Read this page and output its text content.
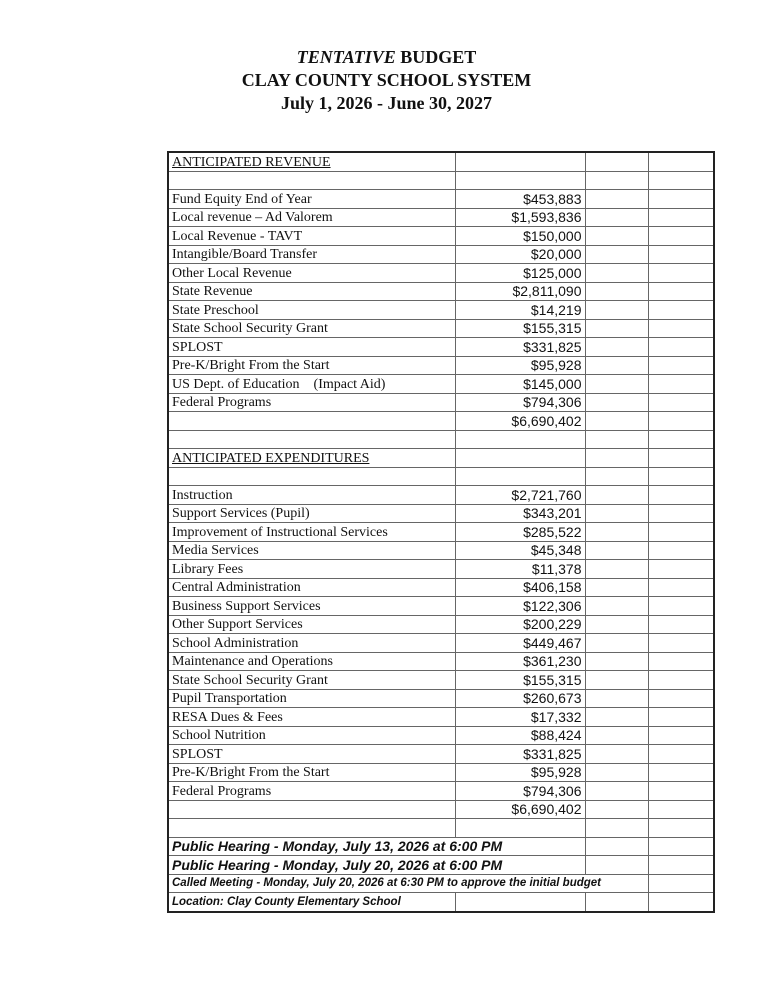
TENTATIVE BUDGET
CLAY COUNTY SCHOOL SYSTEM
July 1, 2026 - June 30, 2027
ANTICIPATED REVENUE			

Fund Equity End of Year	$453,883		
Local revenue – Ad Valorem	$1,593,836		
Local Revenue - TAVT	$150,000		
Intangible/Board Transfer	$20,000		
Other Local Revenue	$125,000		
State Revenue	$2,811,090		
State Preschool	$14,219		
State School Security Grant	$155,315		
SPLOST	$331,825		
Pre-K/Bright From the Start	$95,928		
US Dept. of Education (Impact Aid)	$145,000		
Federal Programs	$794,306		
	$6,690,402		

ANTICIPATED EXPENDITURES			

Instruction	$2,721,760		
Support Services (Pupil)	$343,201		
Improvement of Instructional Services	$285,522		
Media Services	$45,348		
Library Fees	$11,378		
Central Administration	$406,158		
Business Support Services	$122,306		
Other Support Services	$200,229		
School Administration	$449,467		
Maintenance and Operations	$361,230		
State School Security Grant	$155,315		
Pupil Transportation	$260,673		
RESA Dues & Fees	$17,332		
School Nutrition	$88,424		
SPLOST	$331,825		
Pre-K/Bright From the Start	$95,928		
Federal Programs	$794,306		
	$6,690,402		

Public Hearing - Monday, July 13, 2026 at 6:00 PM			
Public Hearing - Monday, July 20, 2026 at 6:00 PM			
Called Meeting - Monday, July 20, 2026 at 6:30 PM to approve the initial budget			
Location: Clay County Elementary School			
